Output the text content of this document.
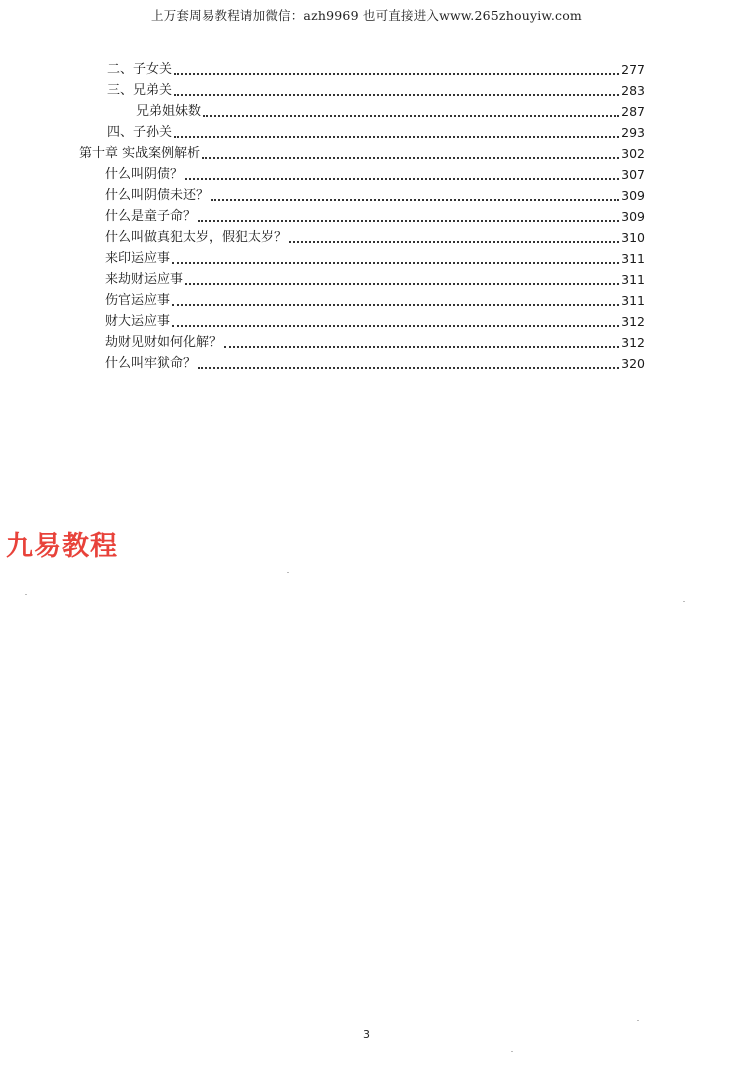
上万套周易教程请加微信：azh9969 也可直接进入www.265zhouyiw.com
二、子女关	277
三、兄弟关	283
兄弟姐妹数	287
四、子孙关	293
第十章 实战案例解析	302
什么叫阴债？	307
什么叫阴债未还？	309
什么是童子命？	309
什么叫做真犯太岁，假犯太岁？	310
来印运应事	311
来劫财运应事	311
伤官运应事	311
财大运应事	312
劫财见财如何化解？	312
什么叫牢狱命？	320
九易教程
3
